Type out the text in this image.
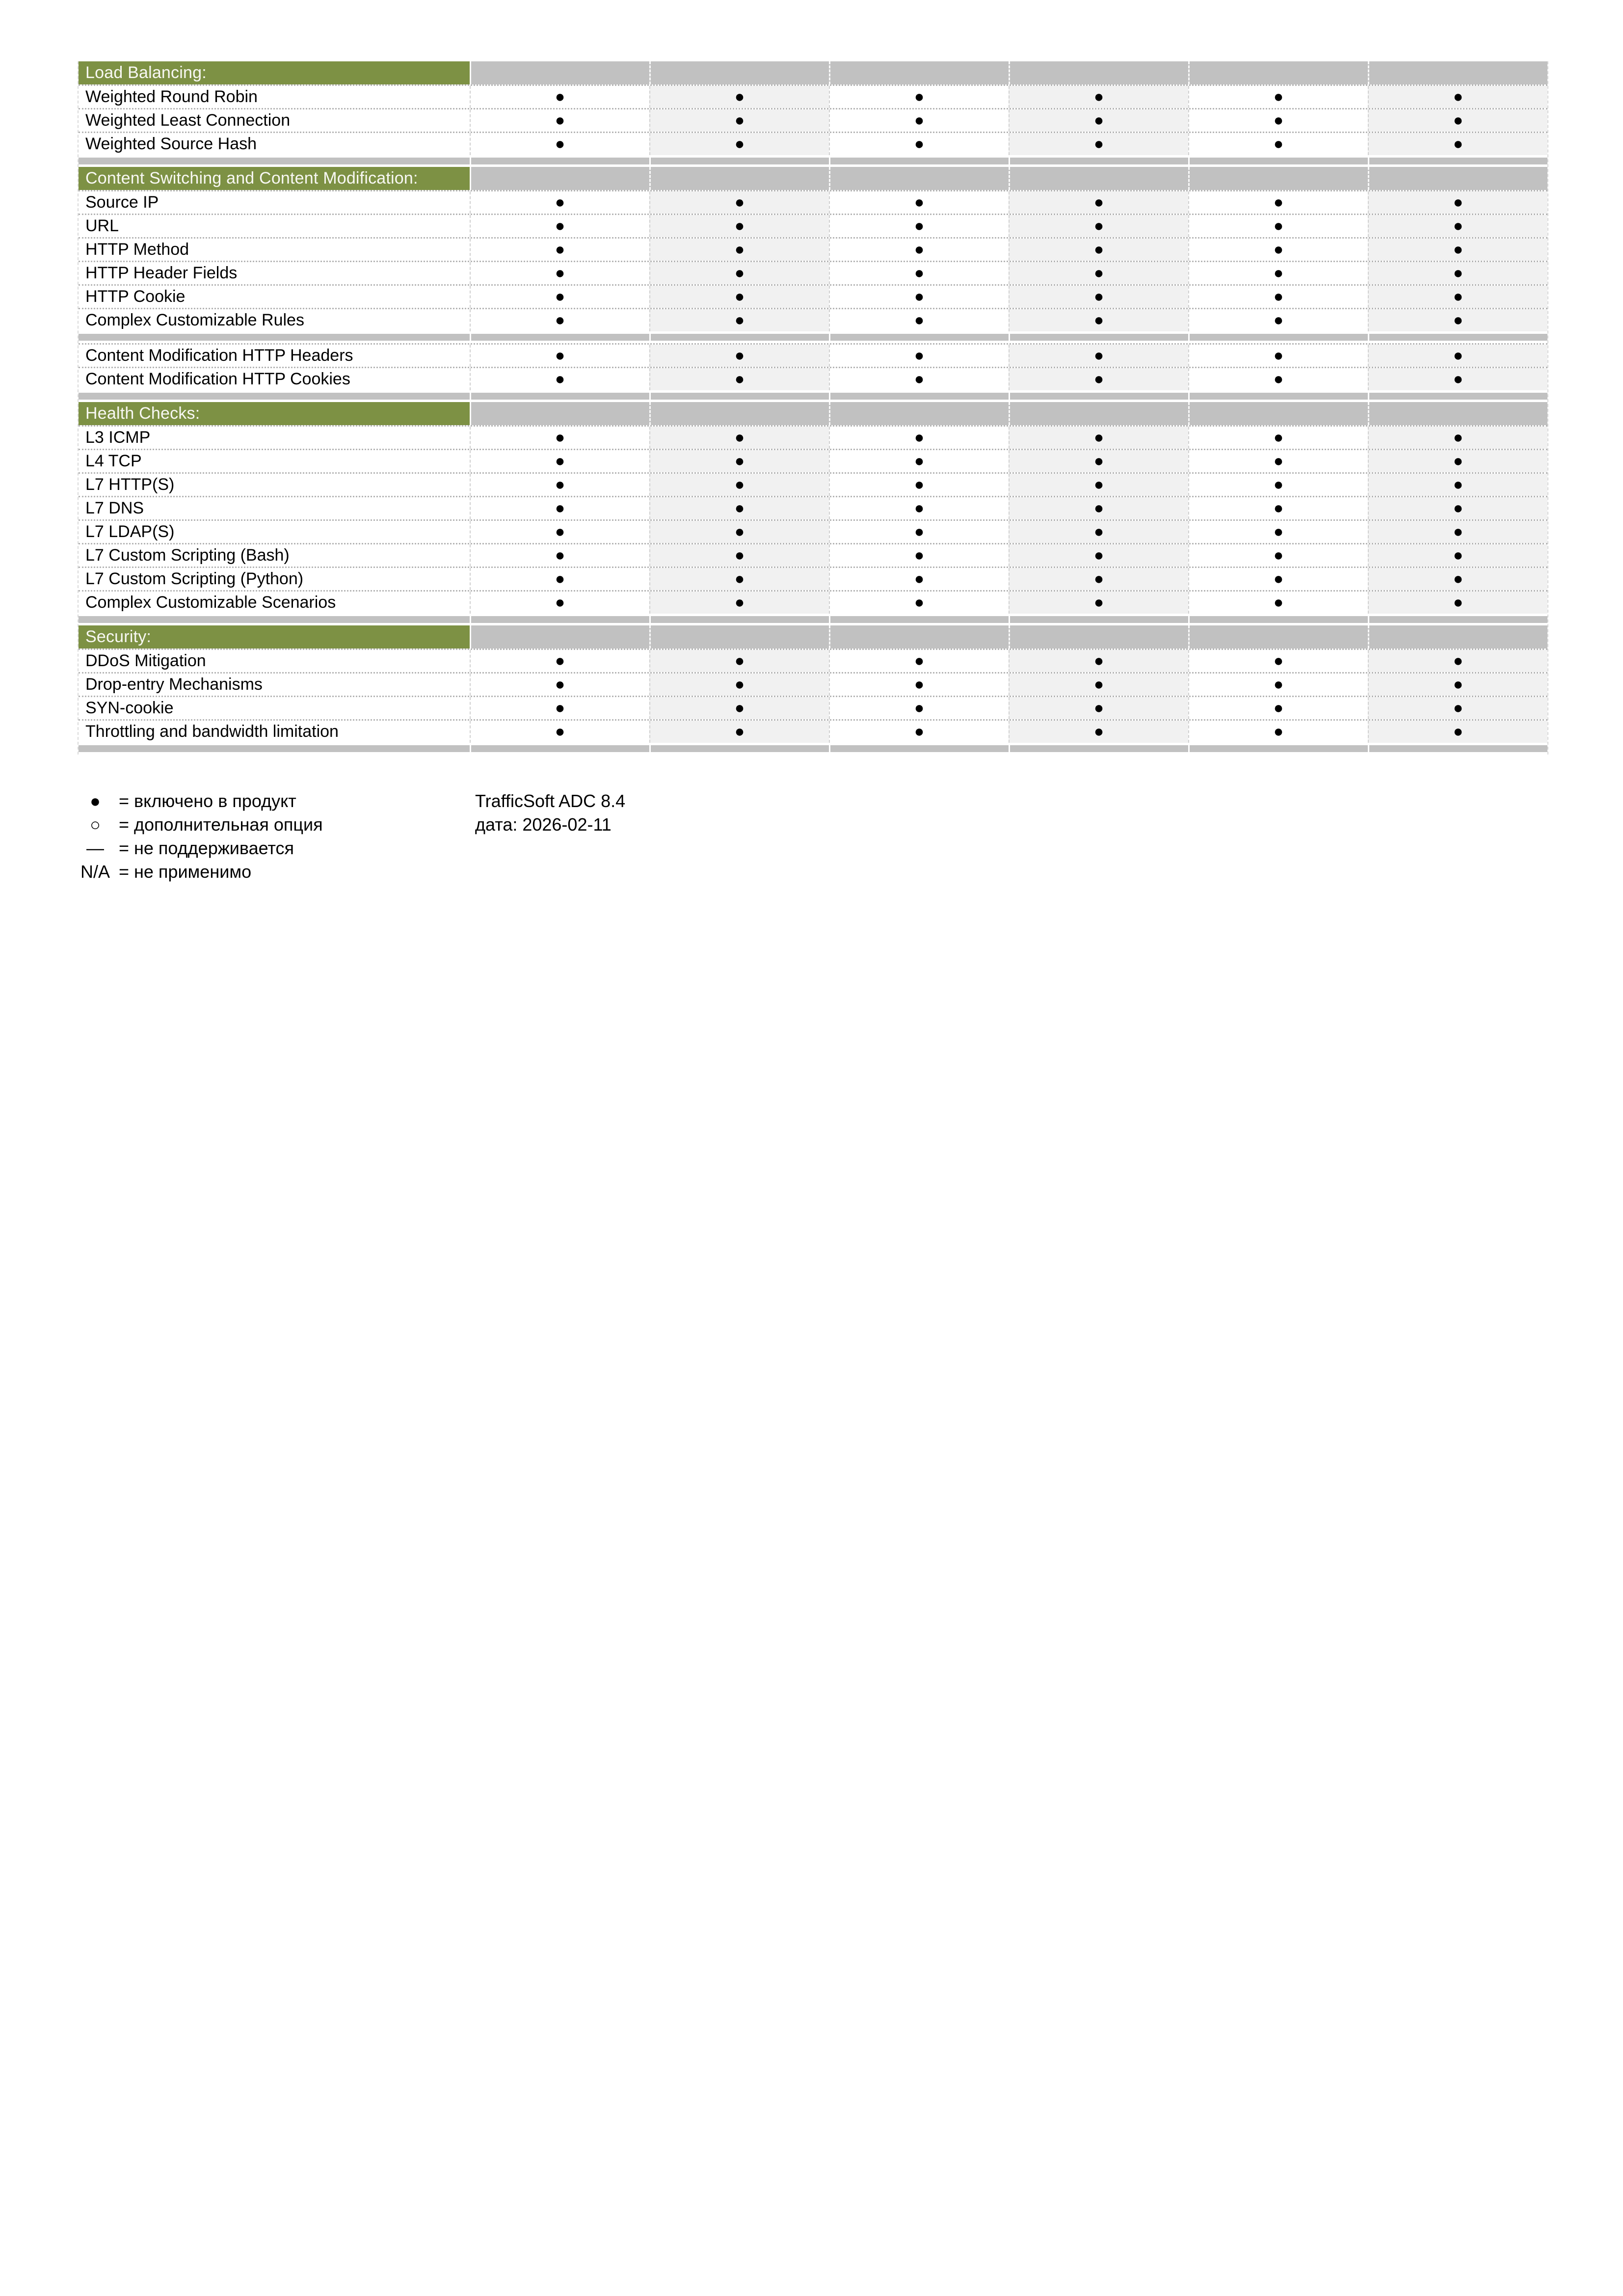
Load Balancing:
Weighted Round Robin	●	●	●	●	●	●
Weighted Least Connection	●	●	●	●	●	●
Weighted Source Hash	●	●	●	●	●	●
Content Switching and Content Modification:
Source IP	●	●	●	●	●	●
URL	●	●	●	●	●	●
HTTP Method	●	●	●	●	●	●
HTTP Header Fields	●	●	●	●	●	●
HTTP Cookie	●	●	●	●	●	●
Complex Customizable Rules	●	●	●	●	●	●
Content Modification HTTP Headers	●	●	●	●	●	●
Content Modification HTTP Cookies	●	●	●	●	●	●
Health Checks:
L3 ICMP	●	●	●	●	●	●
L4 TCP	●	●	●	●	●	●
L7 HTTP(S)	●	●	●	●	●	●
L7 DNS	●	●	●	●	●	●
L7 LDAP(S)	●	●	●	●	●	●
L7 Custom Scripting (Bash)	●	●	●	●	●	●
L7 Custom Scripting (Python)	●	●	●	●	●	●
Complex Customizable Scenarios	●	●	●	●	●	●
Security:
DDoS Mitigation	●	●	●	●	●	●
Drop-entry Mechanisms	●	●	●	●	●	●
SYN-cookie	●	●	●	●	●	●
Throttling and bandwidth limitation	●	●	●	●	●	●
●	= включено в продукт
○	= дополнительная опция
— = не поддерживается
N/A = не применимо
TrafficSoft ADC 8.4
дата: 2026-02-11
